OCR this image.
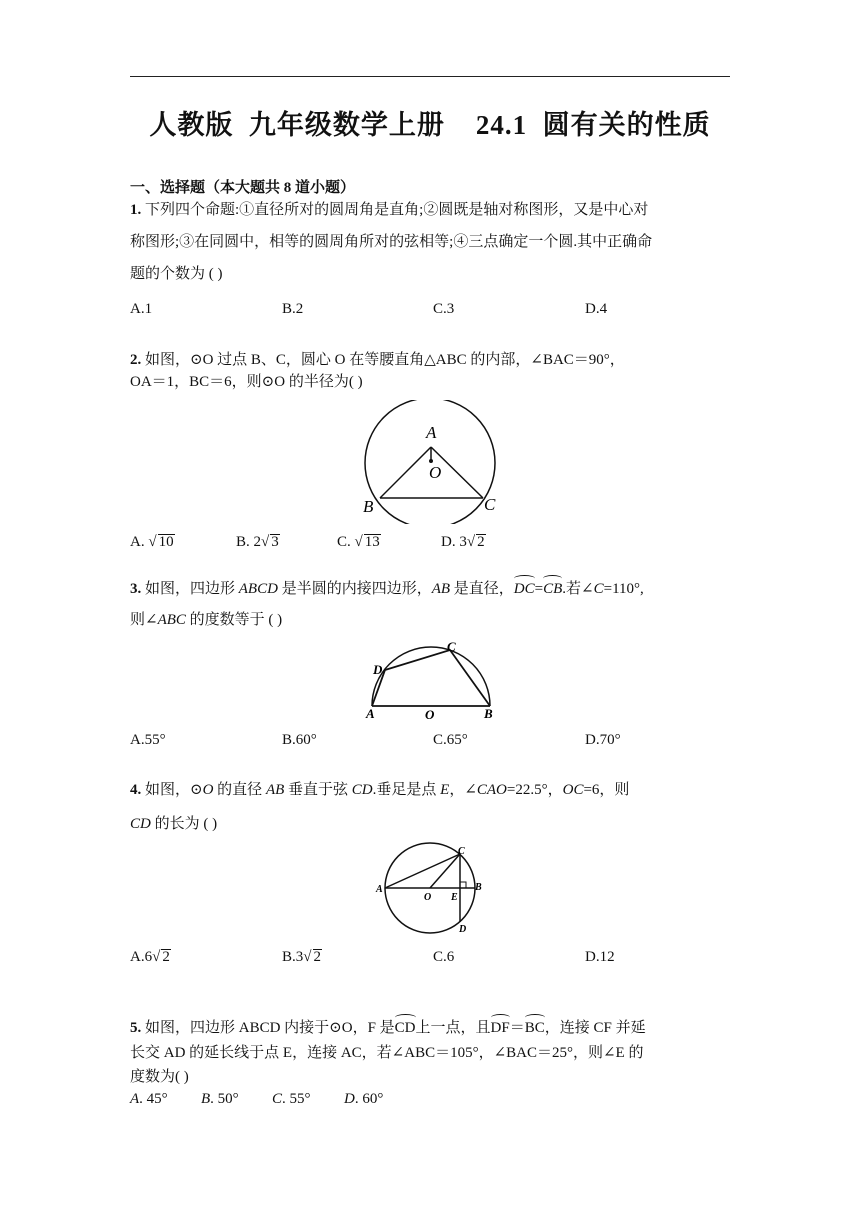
人教版  九年级数学上册    24.1  圆有关的性质
一、选择题（本大题共 8 道小题）
1. 下列四个命题:①直径所对的圆周角是直角;②圆既是轴对称图形，又是中心对
称图形;③在同圆中，相等的圆周角所对的弦相等;④三点确定一个圆.其中正确命
题的个数为 ( )
A.1	B.2	C.3	D.4
2. 如图，⊙O 过点 B、C，圆心 O 在等腰直角△ABC 的内部，∠BAC＝90°，
OA＝1，BC＝6，则⊙O 的半径为( )
A
O
B	C
A. √ 10	B. 2√ 3	C. √ 13	D. 3√ 2
3. 如图，四边形 ABCD 是半圆的内接四边形，AB 是直径，DC=CB.若∠C=110°,
则∠ABC 的度数等于 ( )
D
C
A	O	B
A.55°	B.60°	C.65°	D.70°
4. 如图，⊙O 的直径 AB 垂直于弦 CD.垂足是点 E，∠CAO=22.5°，OC=6，则
CD 的长为 ( )
C
A
O E
B
D
A.6√ 2	B.3√ 2	C.6	D.12
5. 如图，四边形 ABCD 内接于⊙O，F 是CD上一点，且DF＝BC，连接 CF 并延
长交 AD 的延长线于点 E，连接 AC，若∠ABC＝105°，∠BAC＝25°，则∠E 的
度数为( )
A. 45° B. 50° C. 55° D. 60°
